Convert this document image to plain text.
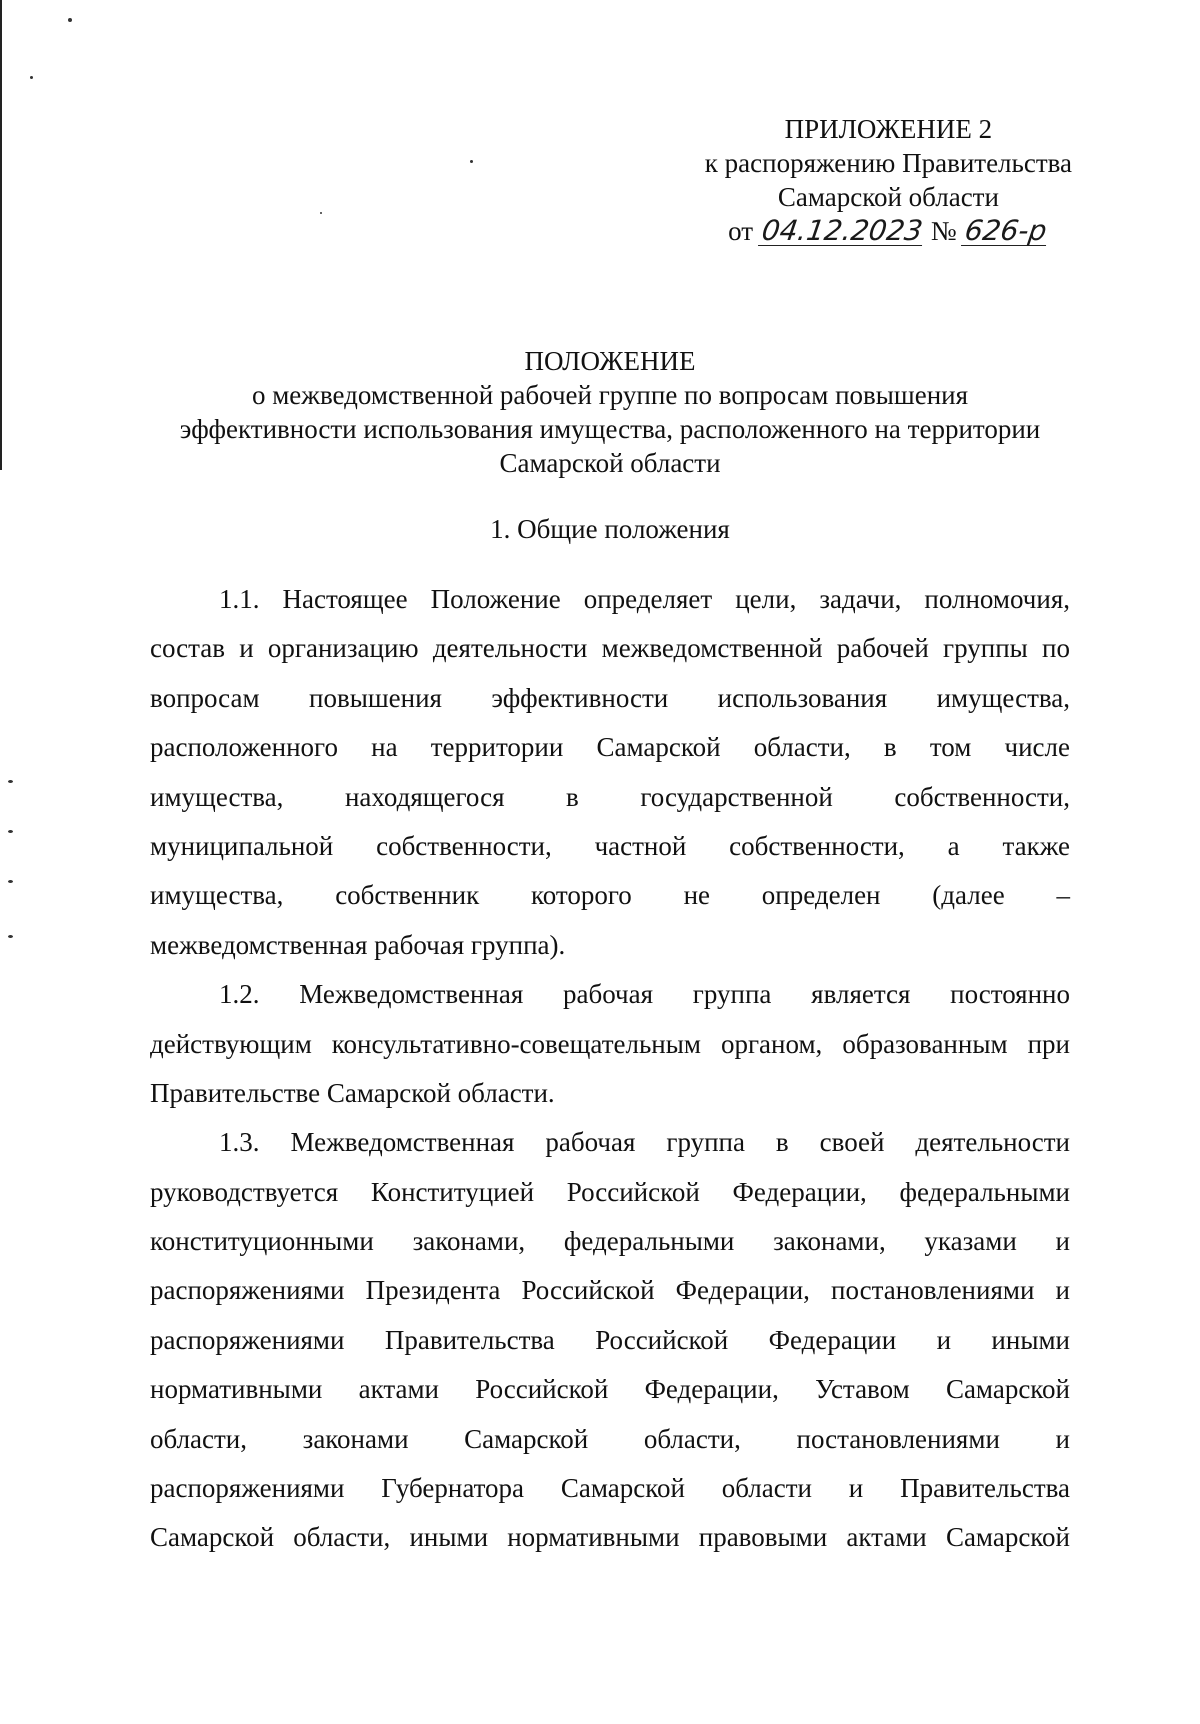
ПРИЛОЖЕНИЕ 2
к распоряжению Правительства
Самарской области
от 04.12.2023 № 626-р
ПОЛОЖЕНИЕ
о межведомственной рабочей группе по вопросам повышения
эффективности использования имущества, расположенного на территории
Самарской области
1. Общие положения
1.1. Настоящее Положение определяет цели, задачи, полномочия,
состав и организацию деятельности межведомственной рабочей группы по
вопросам повышения эффективности использования имущества,
расположенного на территории Самарской области, в том числе
имущества, находящегося в государственной собственности,
муниципальной собственности, частной собственности, а также
имущества, собственник которого не определен (далее –
межведомственная рабочая группа).
1.2. Межведомственная рабочая группа является постоянно
действующим консультативно-совещательным органом, образованным при
Правительстве Самарской области.
1.3. Межведомственная рабочая группа в своей деятельности
руководствуется Конституцией Российской Федерации, федеральными
конституционными законами, федеральными законами, указами и
распоряжениями Президента Российской Федерации, постановлениями и
распоряжениями Правительства Российской Федерации и иными
нормативными актами Российской Федерации, Уставом Самарской
области, законами Самарской области, постановлениями и
распоряжениями Губернатора Самарской области и Правительства
Самарской области, иными нормативными правовыми актами Самарской
